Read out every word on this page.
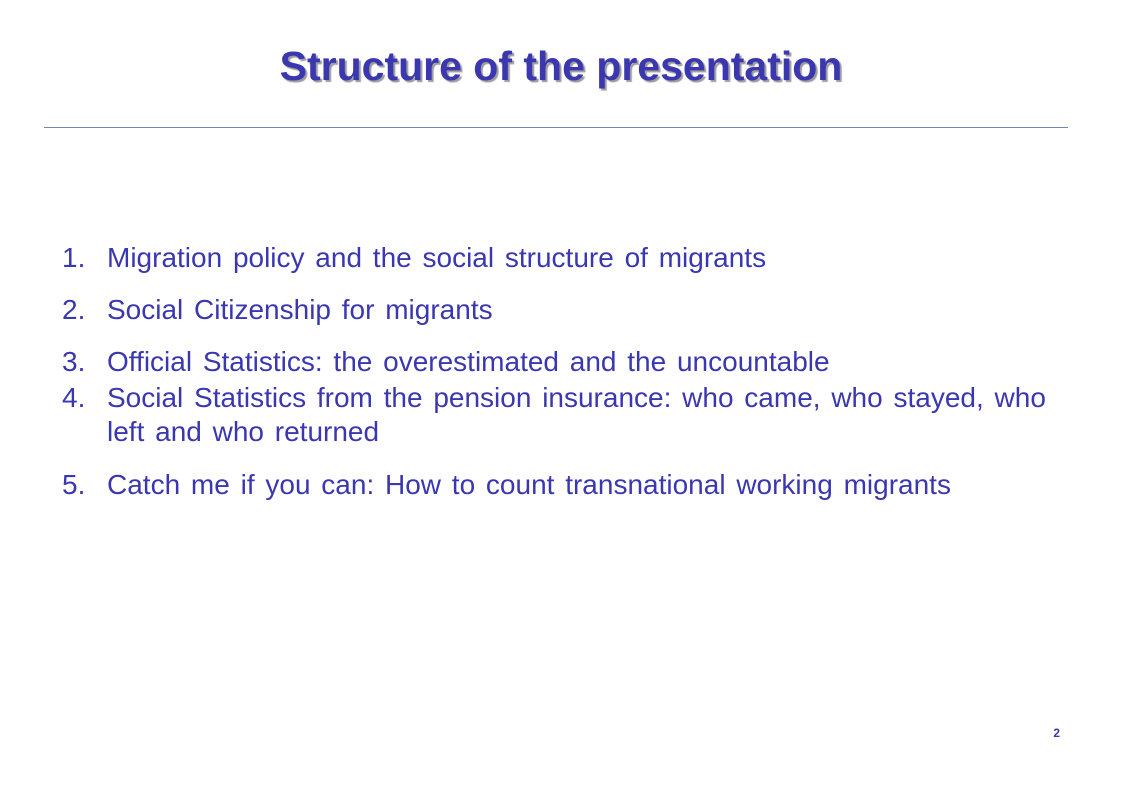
Structure of the presentation
1. Migration policy and the social structure of migrants
2. Social Citizenship for migrants
3. Official Statistics: the overestimated and the uncountable
4. Social Statistics from the pension insurance: who came, who stayed, who left and who returned
5. Catch me if you can: How to count transnational working migrants
2
